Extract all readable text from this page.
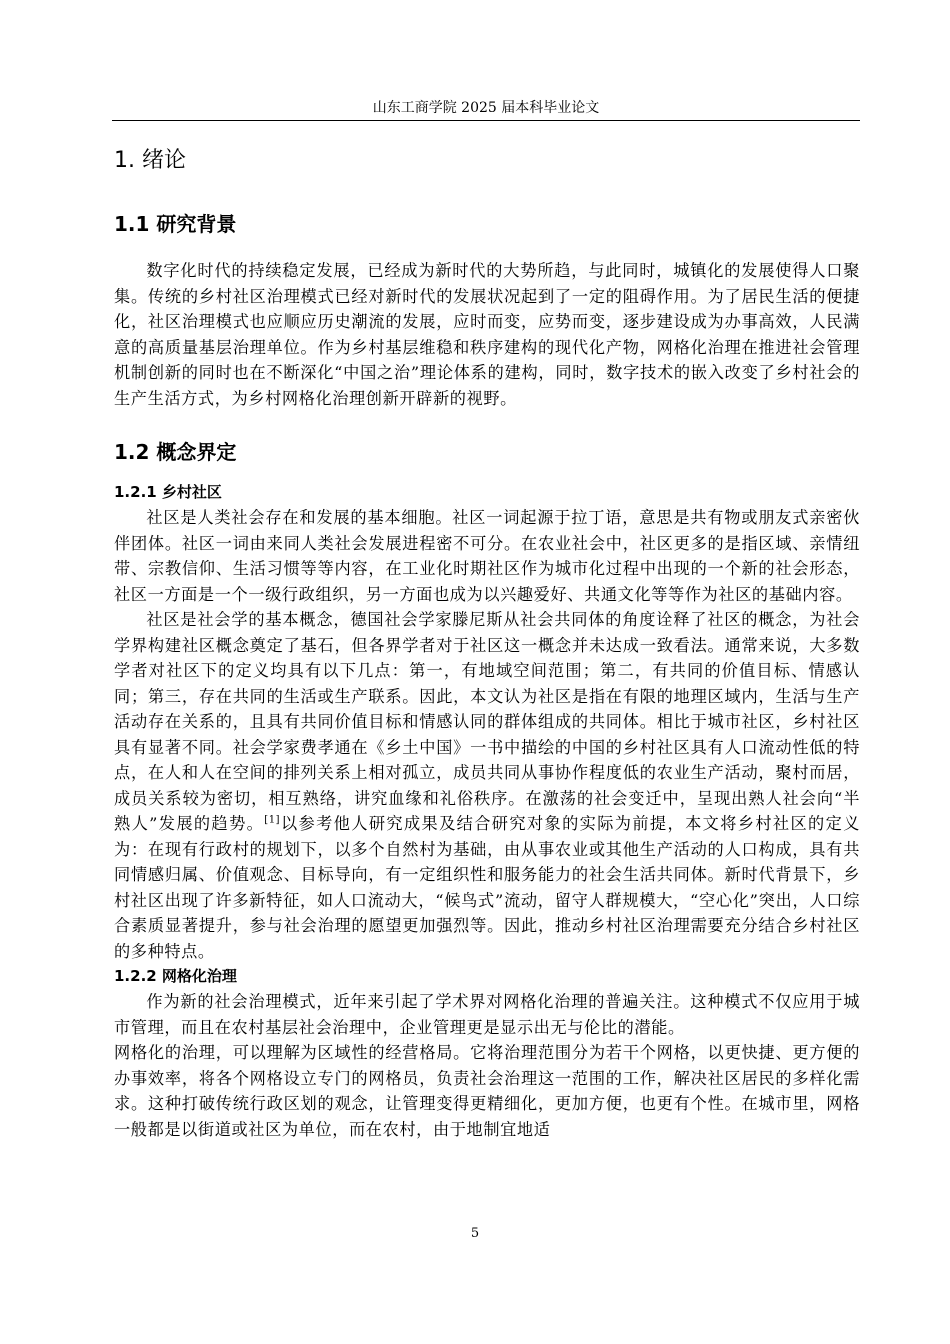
山东工商学院 2025 届本科毕业论文
1. 绪论
1.1 研究背景

数字化时代的持续稳定发展，已经成为新时代的大势所趋，与此同时，城镇化的发展使得人口聚集。传统的乡村社区治理模式已经对新时代的发展状况起到了一定的阻碍作用。为了居民生活的便捷化，社区治理模式也应顺应历史潮流的发展，应时而变，应势而变，逐步建设成为办事高效，人民满意的高质量基层治理单位。作为乡村基层维稳和秩序建构的现代化产物，网格化治理在推进社会管理机制创新的同时也在不断深化“中国之治”理论体系的建构，同时，数字技术的嵌入改变了乡村社会的生产生活方式，为乡村网格化治理创新开辟新的视野。

1.2 概念界定
1.2.1 乡村社区

社区是人类社会存在和发展的基本细胞。社区一词起源于拉丁语，意思是共有物或朋友式亲密伙伴团体。社区一词由来同人类社会发展进程密不可分。在农业社会中，社区更多的是指区域、亲情纽带、宗教信仰、生活习惯等等内容，在工业化时期社区作为城市化过程中出现的一个新的社会形态，社区一方面是一个一级行政组织，另一方面也成为以兴趣爱好、共通文化等等作为社区的基础内容。

社区是社会学的基本概念，德国社会学家滕尼斯从社会共同体的角度诠释了社区的概念，为社会学界构建社区概念奠定了基石，但各界学者对于社区这一概念并未达成一致看法。通常来说，大多数学者对社区下的定义均具有以下几点：第一，有地域空间范围；第二，有共同的价值目标、情感认同；第三，存在共同的生活或生产联系。因此，本文认为社区是指在有限的地理区域内，生活与生产活动存在关系的，且具有共同价值目标和情感认同的群体组成的共同体。相比于城市社区，乡村社区具有显著不同。社会学家费孝通在《乡土中国》一书中描绘的中国的乡村社区具有人口流动性低的特点，在人和人在空间的排列关系上相对孤立，成员共同从事协作程度低的农业生产活动，聚村而居，成员关系较为密切，相互熟络，讲究血缘和礼俗秩序。在激荡的社会变迁中，呈现出熟人社会向“半熟人”发展的趋势。[1]以参考他人研究成果及结合研究对象的实际为前提，本文将乡村社区的定义为：在现有行政村的规划下，以多个自然村为基础，由从事农业或其他生产活动的人口构成，具有共同情感归属、价值观念、目标导向，有一定组织性和服务能力的社会生活共同体。新时代背景下，乡村社区出现了许多新特征，如人口流动大，“候鸟式”流动，留守人群规模大，“空心化”突出，人口综合素质显著提升，参与社会治理的愿望更加强烈等。因此，推动乡村社区治理需要充分结合乡村社区的多种特点。

1.2.2 网格化治理

作为新的社会治理模式，近年来引起了学术界对网格化治理的普遍关注。这种模式不仅应用于城市管理，而且在农村基层社会治理中，企业管理更是显示出无与伦比的潜能。

网格化的治理，可以理解为区域性的经营格局。它将治理范围分为若干个网格，以更快捷、更方便的办事效率，将各个网格设立专门的网格员，负责社会治理这一范围的工作，解决社区居民的多样化需求。这种打破传统行政区划的观念，让管理变得更精细化，更加方便，也更有个性。在城市里，网格一般都是以街道或社区为单位，而在农村，由于地制宜地适

5
